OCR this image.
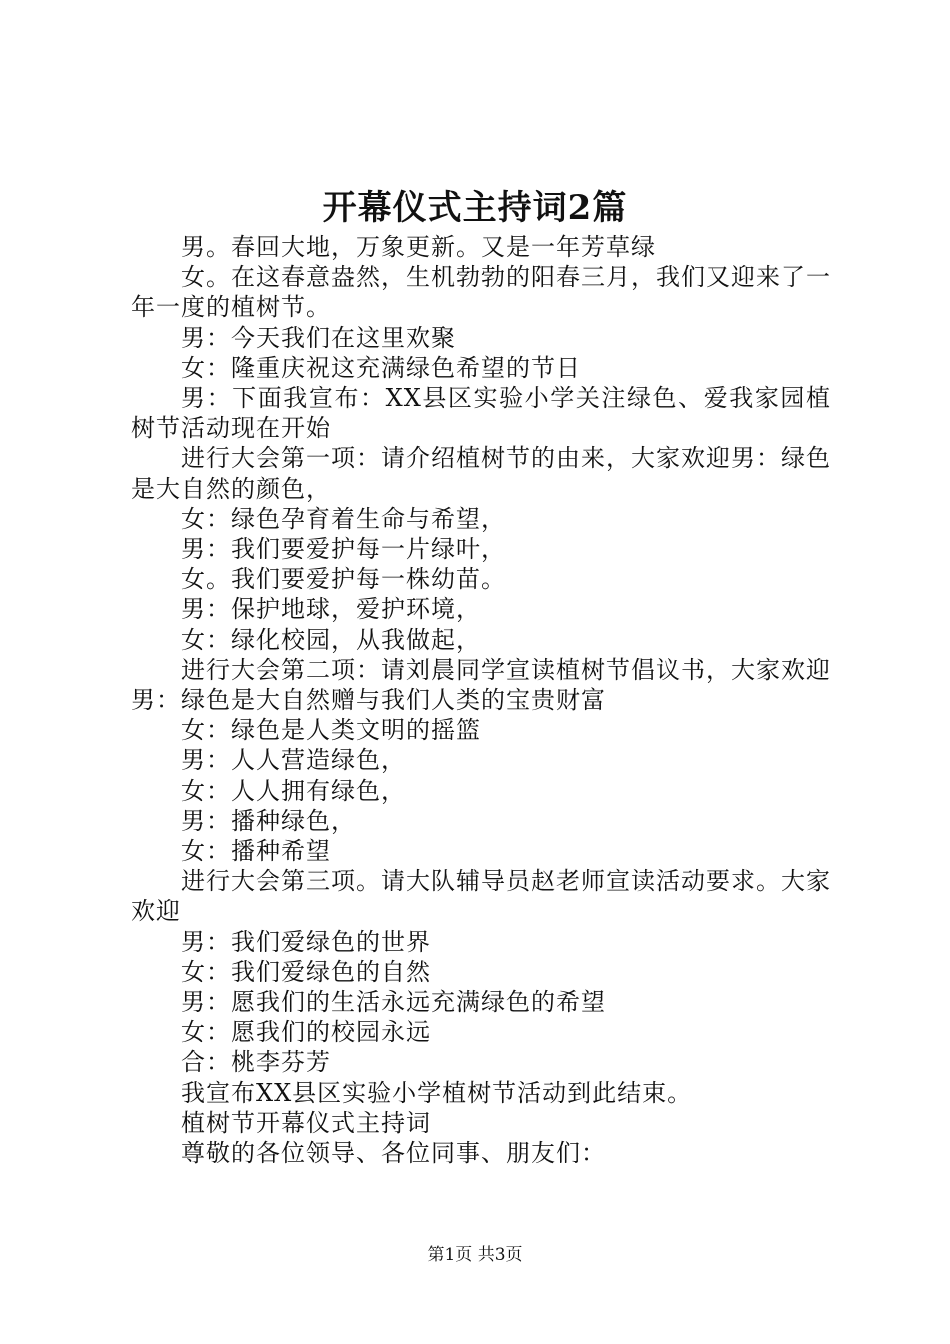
开幕仪式主持词2篇

男。春回大地，万象更新。又是一年芳草绿

女。在这春意盎然，生机勃勃的阳春三月，我们又迎来了一年一度的植树节。

男：今天我们在这里欢聚

女：隆重庆祝这充满绿色希望的节日

男：下面我宣布：XX县区实验小学关注绿色、爱我家园植树节活动现在开始

进行大会第一项：请介绍植树节的由来，大家欢迎男：绿色是大自然的颜色，

女：绿色孕育着生命与希望，

男：我们要爱护每一片绿叶，

女。我们要爱护每一株幼苗。

男：保护地球，爱护环境，

女：绿化校园，从我做起，

进行大会第二项：请刘晨同学宣读植树节倡议书，大家欢迎男：绿色是大自然赠与我们人类的宝贵财富

女：绿色是人类文明的摇篮

男：人人营造绿色，

女：人人拥有绿色，

男：播种绿色，

女：播种希望

进行大会第三项。请大队辅导员赵老师宣读活动要求。大家欢迎

男：我们爱绿色的世界

女：我们爱绿色的自然

男：愿我们的生活永远充满绿色的希望

女：愿我们的校园永远

合：桃李芬芳

我宣布XX县区实验小学植树节活动到此结束。

植树节开幕仪式主持词

尊敬的各位领导、各位同事、朋友们：

第1页 共3页
